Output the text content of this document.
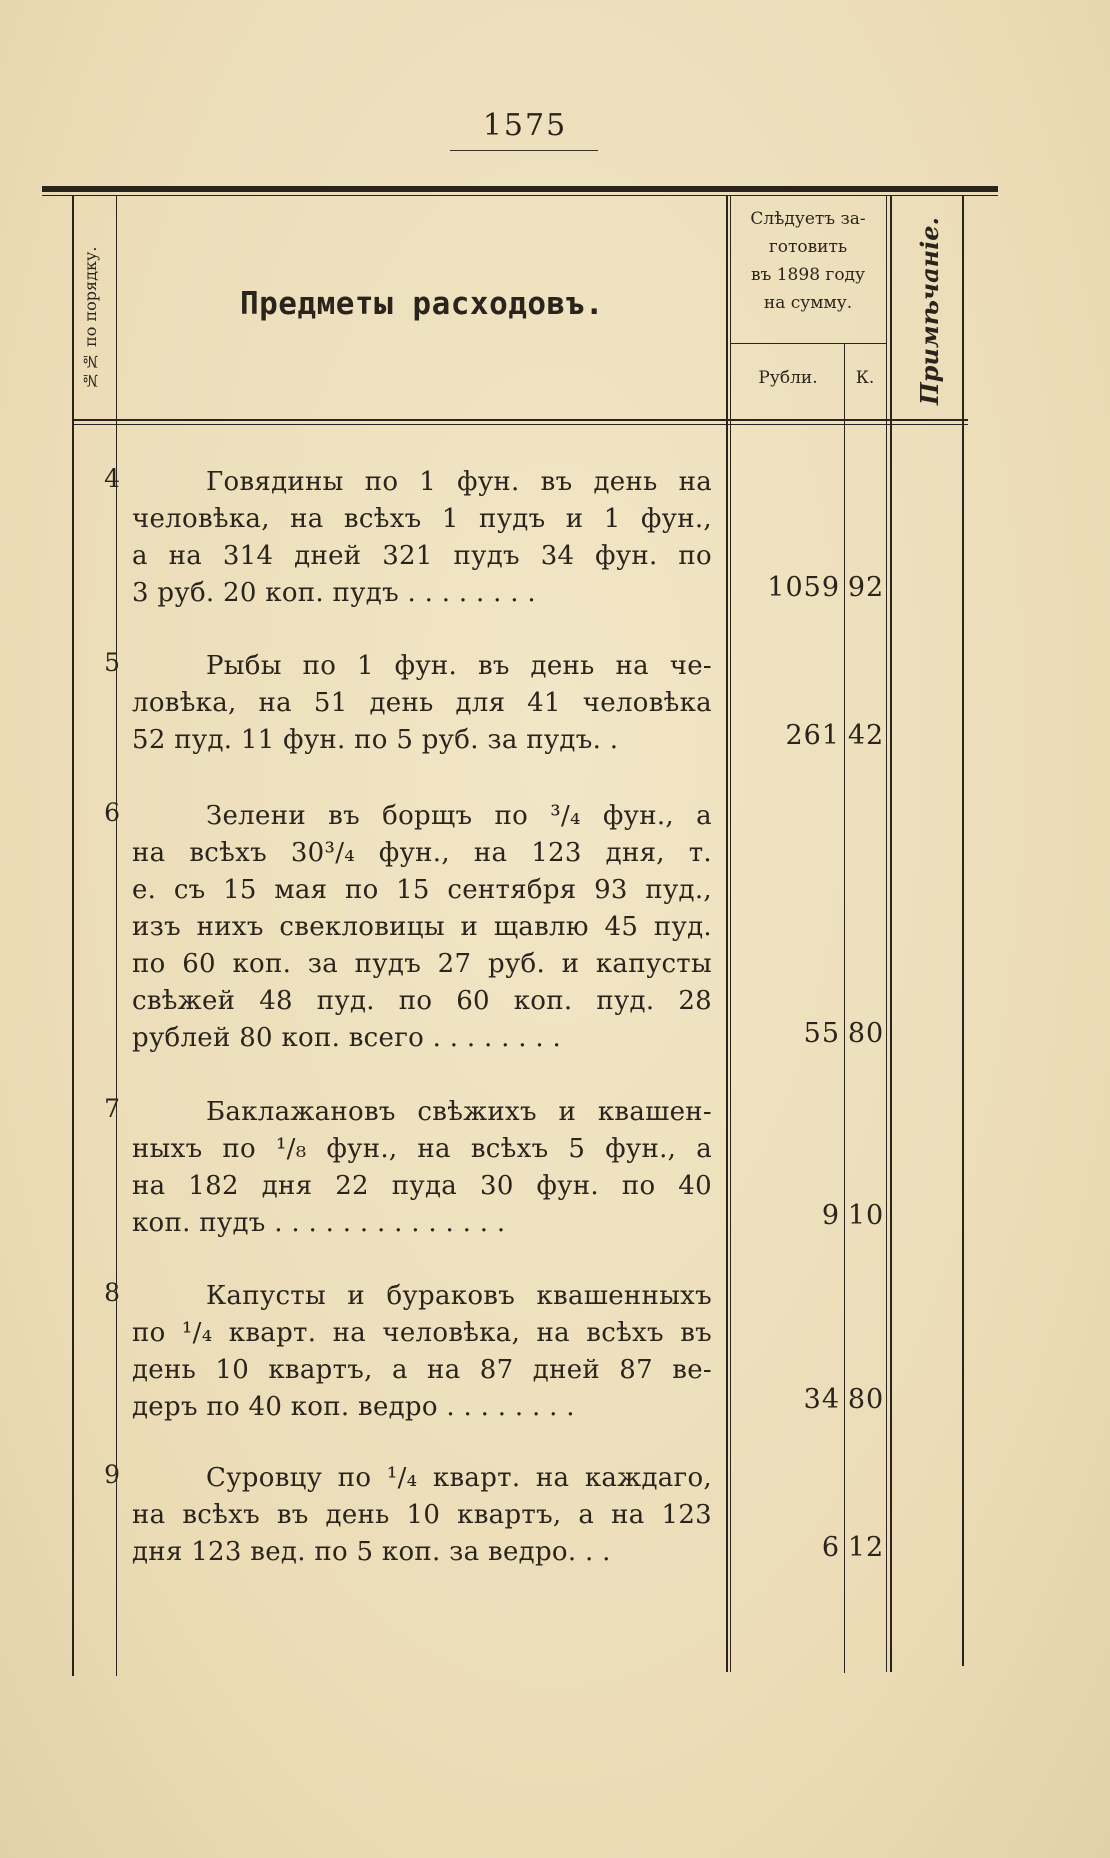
1575
№№ по порядку.	Предметы расходовъ.
Слѣдуетъ за-
готовить
въ 1898 году
на сумму.
Рубли.	К.	Примѣчаніе.
4	Говядины по 1 фун. въ день на
человѣка, на всѣхъ 1 пудъ и 1 фун.,
а на 314 дней 321 пудъ 34 фун. по
3 руб. 20 коп. пудъ . . . . . . . .	1059 92
5	Рыбы по 1 фун. въ день на че-
ловѣка, на 51 день для 41 человѣка
52 пуд. 11 фун. по 5 руб. за пудъ. .	261 42
6	Зелени въ борщъ по ³/₄ фун., а
на всѣхъ 30³/₄ фун., на 123 дня, т.
е. съ 15 мая по 15 сентября 93 пуд.,
изъ нихъ свекловицы и щавлю 45 пуд.
по 60 коп. за пудъ 27 руб. и капусты
свѣжей 48 пуд. по 60 коп. пуд. 28
рублей 80 коп. всего . . . . . . . .	55 80
7	Баклажановъ свѣжихъ и квашен-
ныхъ по ¹/₈ фун., на всѣхъ 5 фун., а
на 182 дня 22 пуда 30 фун. по 40
коп. пудъ . . . . . . . . . . . . . .	9 10
8	Капусты и бураковъ квашенныхъ
по ¹/₄ кварт. на человѣка, на всѣхъ въ
день 10 квартъ, а на 87 дней 87 ве-
деръ по 40 коп. ведро . . . . . . . .	34 80
9	Суровцу по ¹/₄ кварт. на каждаго,
на всѣхъ въ день 10 квартъ, а на 123
дня 123 вед. по 5 коп. за ведро. . .	6 12
